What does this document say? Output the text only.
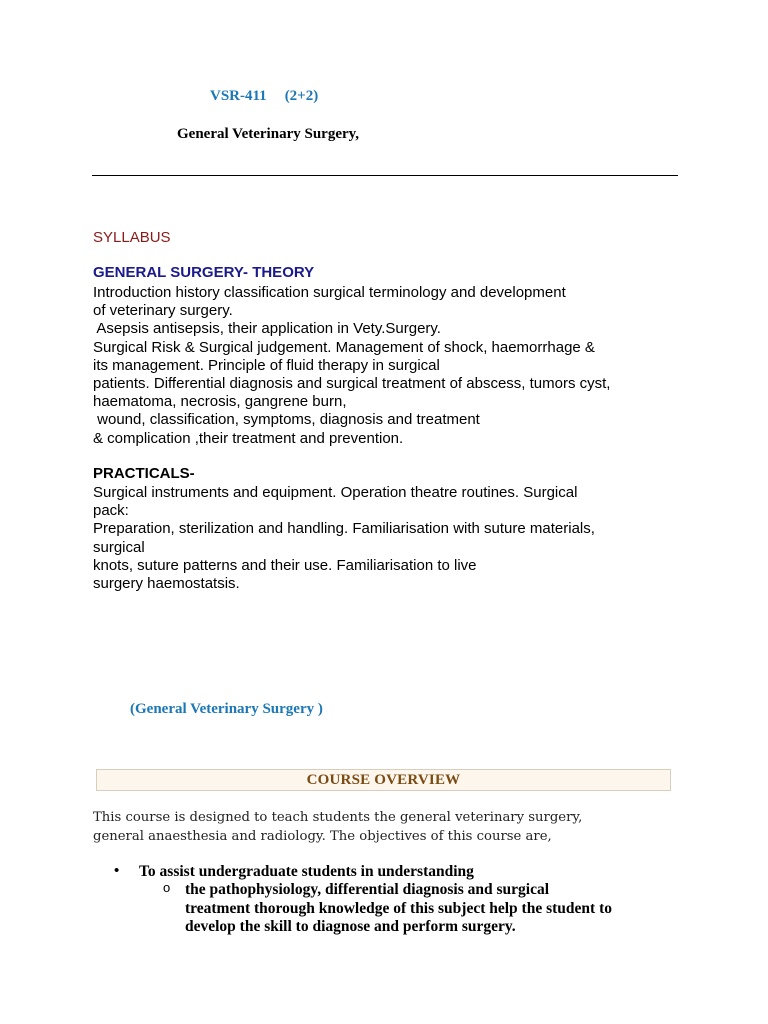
VSR-411 (2+2)
General Veterinary Surgery,
SYLLABUS
GENERAL SURGERY- THEORY
Introduction history classification surgical terminology and development
of veterinary surgery.
Asepsis antisepsis, their application in Vety.Surgery.
Surgical Risk & Surgical judgement. Management of shock, haemorrhage &
its management. Principle of fluid therapy in surgical
patients. Differential diagnosis and surgical treatment of abscess, tumors cyst,
haematoma, necrosis, gangrene burn,
wound, classification, symptoms, diagnosis and treatment
& complication ,their treatment and prevention.
PRACTICALS-
Surgical instruments and equipment. Operation theatre routines. Surgical
pack:
Preparation, sterilization and handling. Familiarisation with suture materials,
surgical
knots, suture patterns and their use. Familiarisation to live
surgery haemostatsis.
(General Veterinary Surgery )
COURSE OVERVIEW
This course is designed to teach students the general veterinary surgery,
general anaesthesia and radiology. The objectives of this course are,
• To assist undergraduate students in understanding
o the pathophysiology, differential diagnosis and surgical
treatment thorough knowledge of this subject help the student to
develop the skill to diagnose and perform surgery.
